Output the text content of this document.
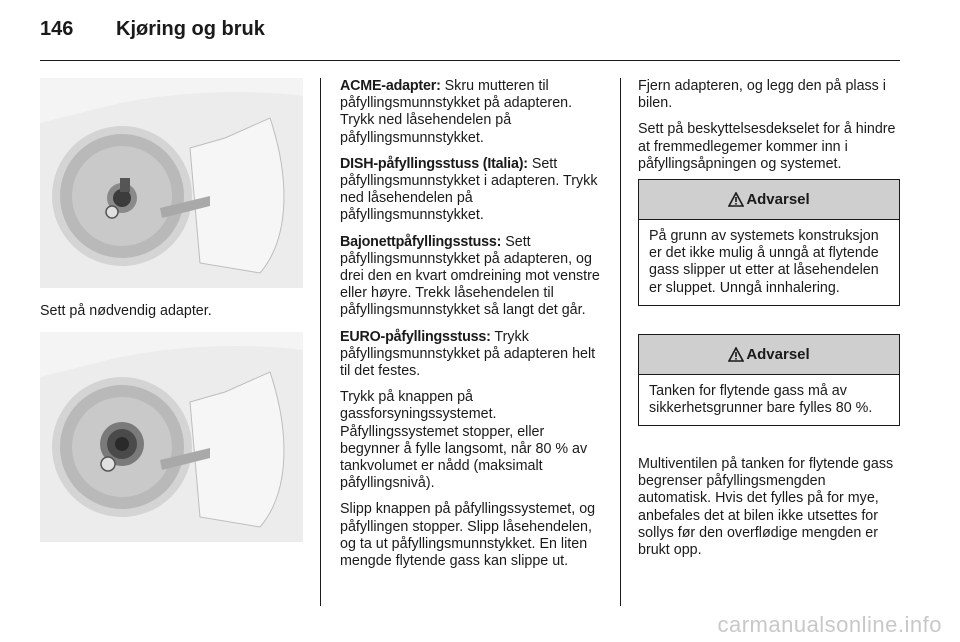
146	Kjøring og bruk
Sett på nødvendig adapter.

ACME-adapter: Skru mutteren til påfyllingsmunnstykket på adapteren. Trykk ned låsehendelen på påfyllingsmunnstykket.

DISH-påfyllingsstuss (Italia): Sett påfyllingsmunnstykket i adapteren. Trykk ned låsehendelen på påfyllingsmunnstykket.

Bajonettpåfyllingsstuss: Sett påfyllingsmunnstykket på adapteren, og drei den en kvart omdreining mot venstre eller høyre. Trekk låsehendelen til påfyllingsmunnstykket så langt det går.

EURO-påfyllingsstuss: Trykk påfyllingsmunnstykket på adapteren helt til det festes.

Trykk på knappen på gassforsyningssystemet. Påfyllingssystemet stopper, eller begynner å fylle langsomt, når 80 % av tankvolumet er nådd (maksimalt påfyllingsnivå).

Slipp knappen på påfyllingssystemet, og påfyllingen stopper. Slipp låsehendelen, og ta ut påfyllingsmunnstykket. En liten mengde flytende gass kan slippe ut.

Fjern adapteren, og legg den på plass i bilen.

Sett på beskyttelsesdekselet for å hindre at fremmedlegemer kommer inn i påfyllingsåpningen og systemet.

Advarsel
På grunn av systemets konstruksjon er det ikke mulig å unngå at flytende gass slipper ut etter at låsehendelen er sluppet. Unngå innhalering.
Advarsel
Tanken for flytende gass må av sikkerhetsgrunner bare fylles 80 %.

Multiventilen på tanken for flytende gass begrenser påfyllingsmengden automatisk. Hvis det fylles på for mye, anbefales det at bilen ikke utsettes for sollys før den overflødige mengden er brukt opp.

carmanualsonline.info
